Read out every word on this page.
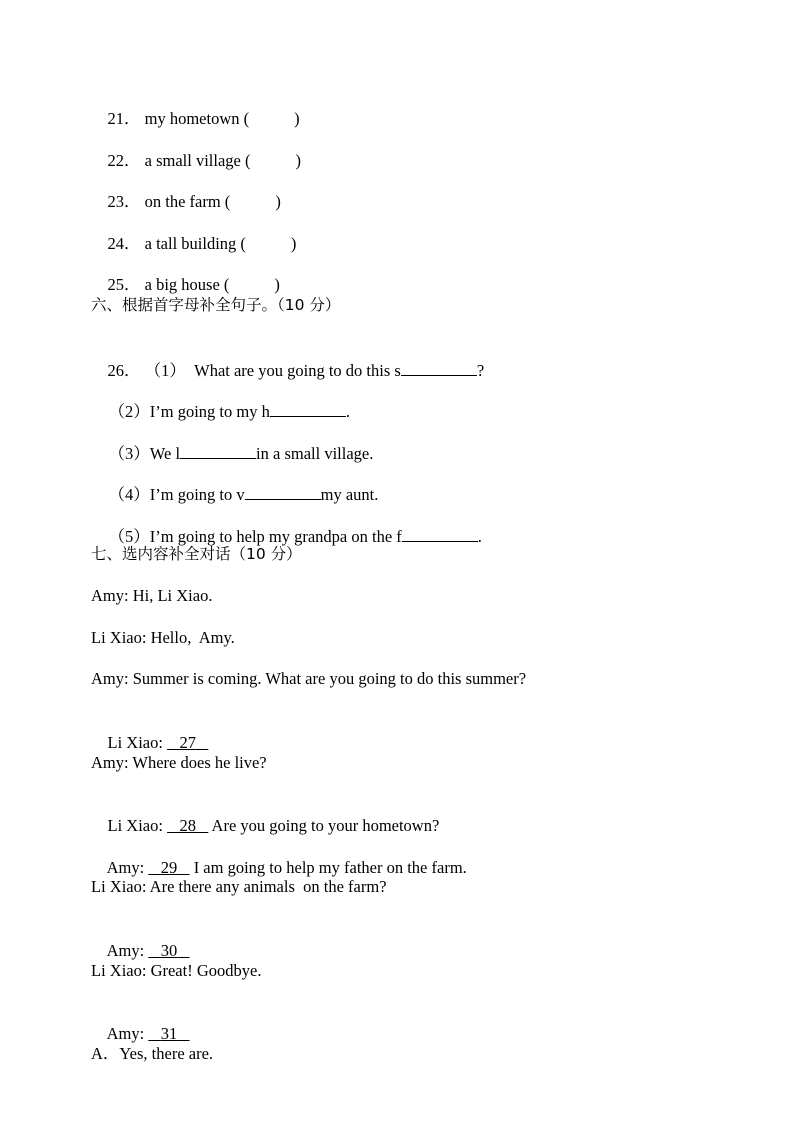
21． my hometown (	)

22． a small village (	)

23． on the farm (	)

24． a tall building (	)

25． a big house (	)

六、根据首字母补全句子。（10 分）

26． （1）  What are you going to do this s	?

（2）I’m going to my h	.

（3）We l	in a small village.

（4）I’m going to v	my aunt.

（5）I’m going to help my grandpa on the f	.

七、选内容补全对话（10 分）
Amy: Hi, Li Xiao.
Li Xiao: Hello,  Amy.
Amy: Summer is coming. What are you going to do this summer?

Li Xiao:    27

Amy: Where does he live?

Li Xiao:    28    Are you going to your hometown?

Amy:    29    I am going to help my father on the farm.

Li Xiao: Are there any animals  on the farm?

Amy:    30

Li Xiao: Great! Goodbye.

Amy:    31

A．Yes, there are.
